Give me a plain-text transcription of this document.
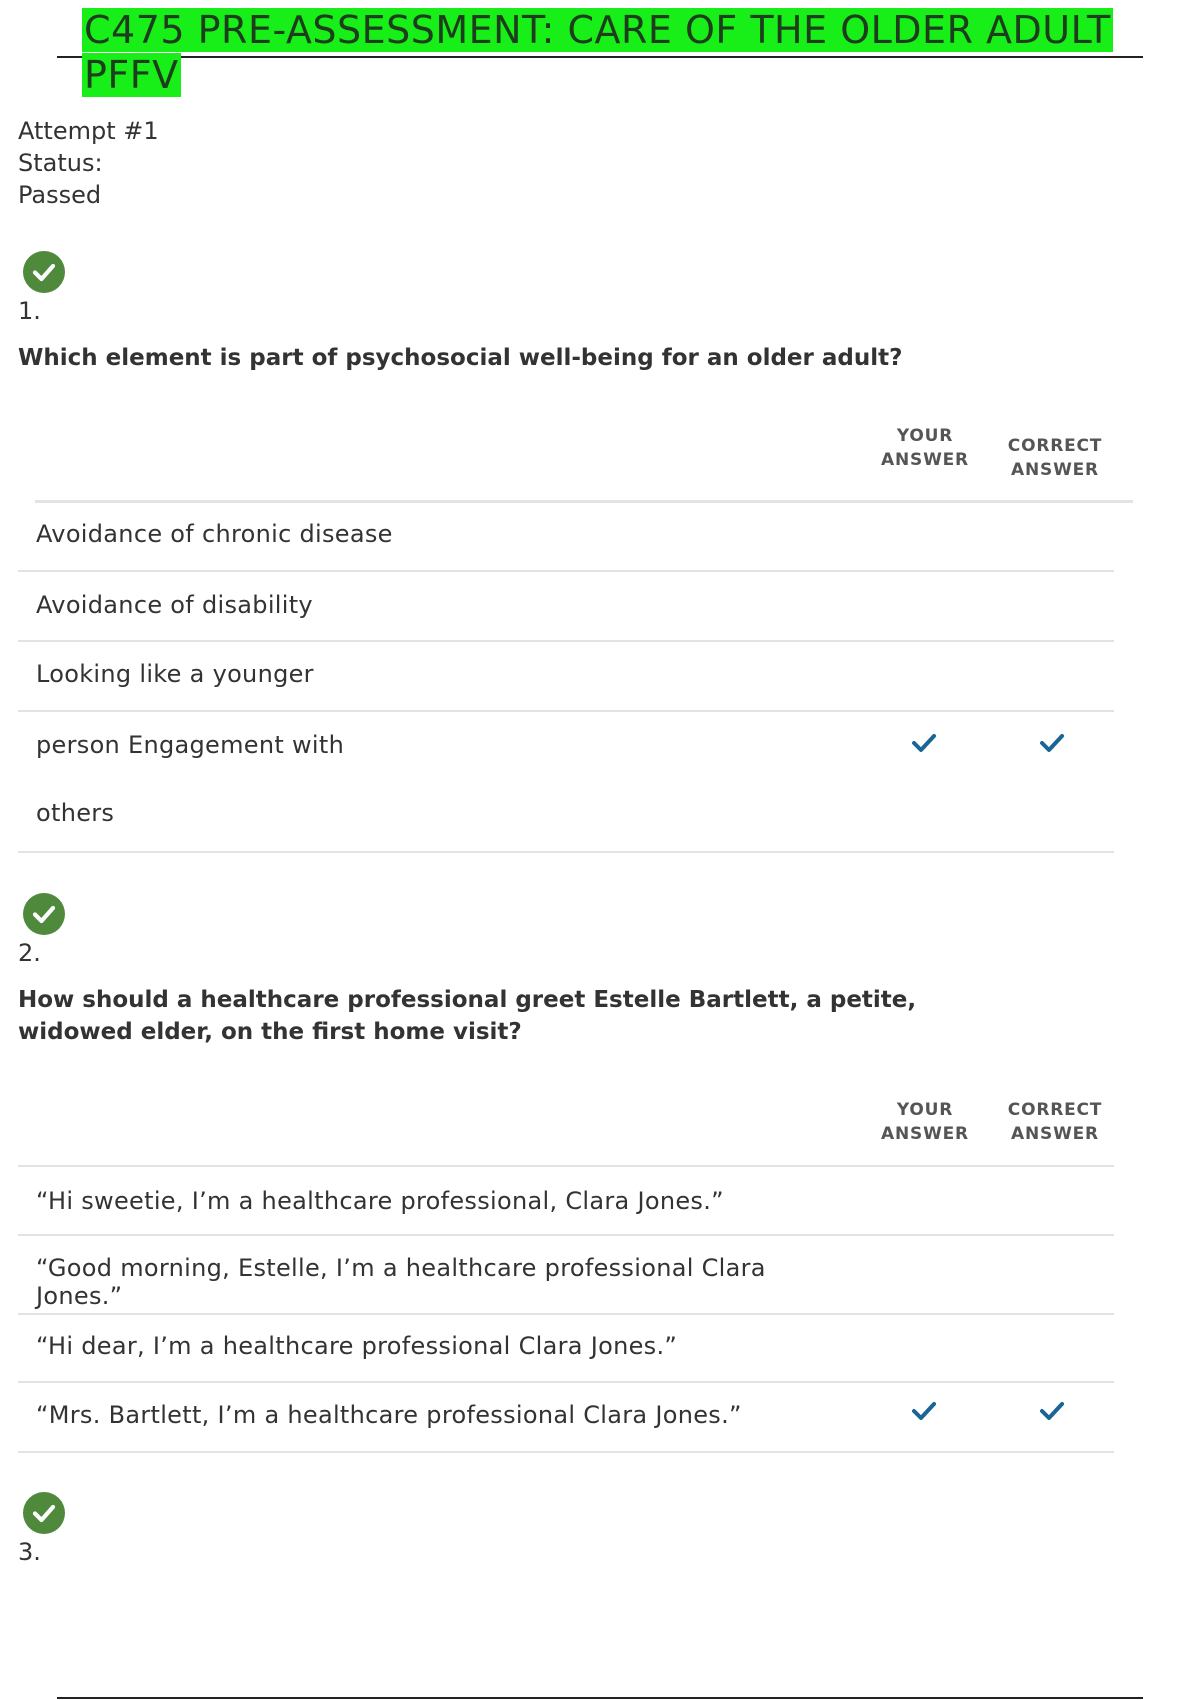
C475 PRE-ASSESSMENT: CARE OF THE OLDER ADULT PFFV
Attempt #1
Status:
Passed
1.

Which element is part of psychosocial well-being for an older adult?

YOUR
ANSWER
CORRECT
ANSWER
Avoidance of chronic disease
Avoidance of disability
Looking like a younger
person Engagement with
others
2.

How should a healthcare professional greet Estelle Bartlett, a petite, widowed elder, on the first home visit?

YOUR
ANSWER
CORRECT
ANSWER
“Hi sweetie, I’m a healthcare professional, Clara Jones.”
“Good morning, Estelle, I’m a healthcare professional Clara Jones.”
“Hi dear, I’m a healthcare professional Clara Jones.”
“Mrs. Bartlett, I’m a healthcare professional Clara Jones.”
3.
